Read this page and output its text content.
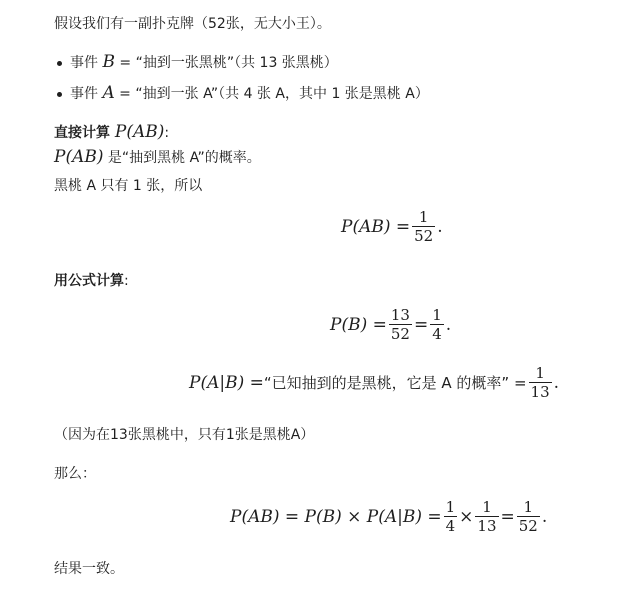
假设我们有一副扑克牌（52张，无大小王）。
事件 B = “抽到一张黑桃”（共 13 张黑桃）
事件 A = “抽到一张 A”（共 4 张 A，其中 1 张是黑桃 A）
直接计算 P(AB):
P(AB) 是“抽到黑桃 A”的概率。
黑桃 A 只有 1 张，所以
$P(AB) = \frac{1}{52}$ .
用公式计算:
$P(B) = \frac{13}{52} = \frac{1}{4}$ .
P(A|B) = “已知抽到的是黑桃，它是 A 的概率” = $\frac{1}{13}$ .
（因为在13张黑桃中，只有1张是黑桃A）
那么：
$P(AB) = P(B) \times P(A|B) = \frac{1}{4} \times \frac{1}{13} = \frac{1}{52}$ .
结果一致。
